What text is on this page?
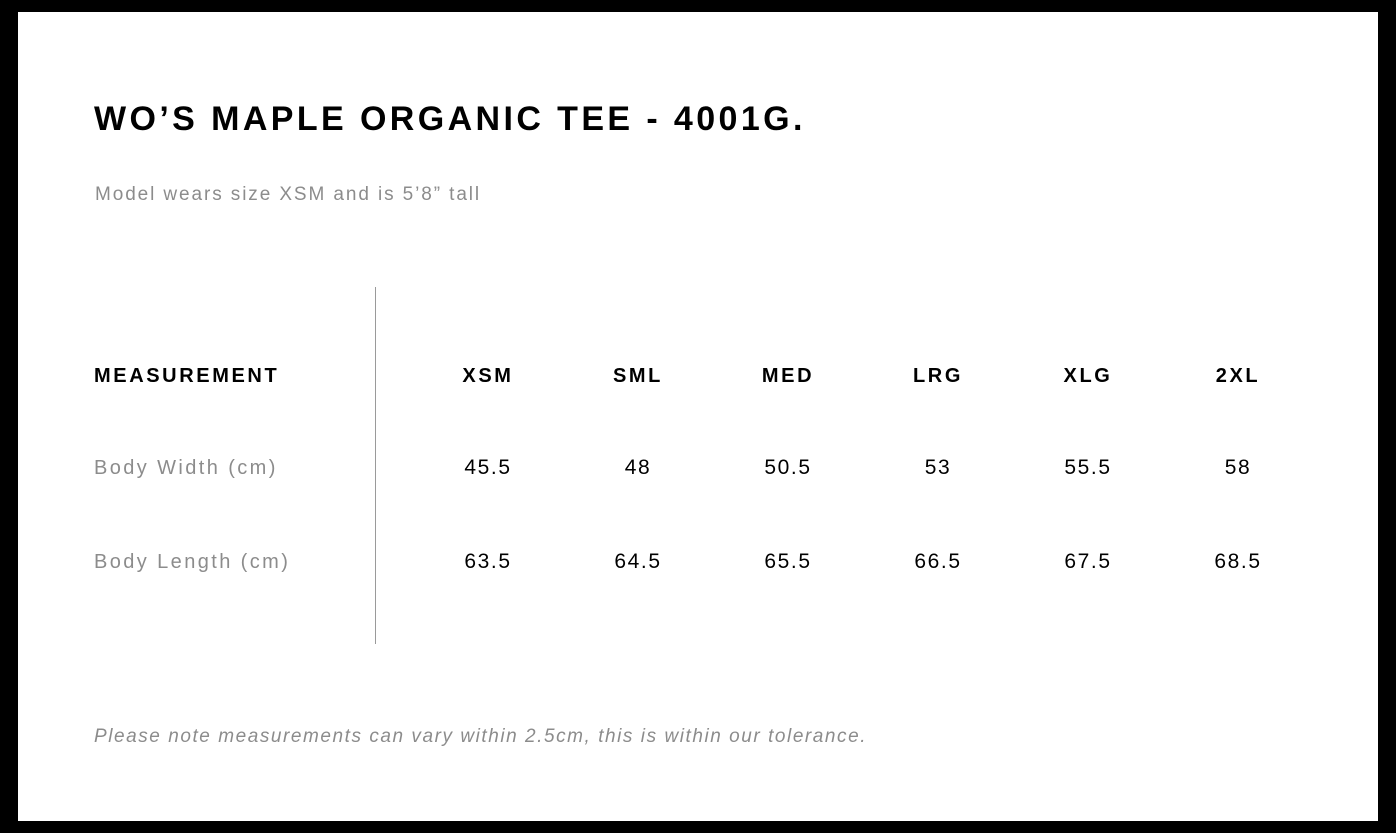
WO’S MAPLE ORGANIC TEE - 4001G.
Model wears size XSM and is 5’8” tall
MEASUREMENT	XSM	SML	MED	LRG	XLG	2XL
Body Width (cm)	45.5	48	50.5	53	55.5	58
Body Length (cm)	63.5	64.5	65.5	66.5	67.5	68.5
Please note measurements can vary within 2.5cm, this is within our tolerance.
